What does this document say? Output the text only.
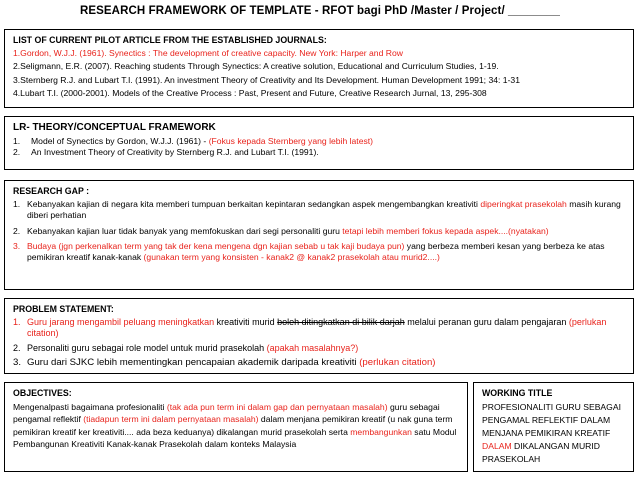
RESEARCH FRAMEWORK OF TEMPLATE - RFOT bagi PhD /Master / Project/ ________
LIST OF CURRENT PILOT ARTICLE FROM THE ESTABLISHED JOURNALS:

1.Gordon, W.J.J. (1961). Synectics : The development of creative capacity. New York: Harper and Row

2.Seligmann, E.R. (2007). Reaching students Through Synectics: A creative solution, Educational and Curriculum Studies, 1-19.

3.Sternberg R.J. and Lubart T.I. (1991). An investment Theory of Creativity and Its Development. Human Development 1991; 34: 1-31

4.Lubart T.I. (2000-2001). Models of the Creative Process : Past, Present and Future, Creative Research Jurnal, 13, 295-308

LR- THEORY/CONCEPTUAL FRAMEWORK
1. Model of Synectics by Gordon, W.J.J. (1961) - (Fokus kepada Sternberg yang lebih latest)
2. An Investment Theory of Creativity by Sternberg R.J. and Lubart T.I. (1991).
RESEARCH GAP :
1. Kebanyakan kajian di negara kita memberi tumpuan berkaitan kepintaran sedangkan aspek mengembangkan kreativiti diperingkat prasekolah masih kurang diberi perhatian
2. Kebanyakan kajian luar tidak banyak yang memfokuskan dari segi personaliti guru tetapi lebih memberi fokus kepada aspek....(nyatakan)
3. Budaya (jgn perkenalkan term yang tak der kena mengena dgn kajian sebab u tak kaji budaya pun) yang berbeza memberi kesan yang berbeza ke atas pemikiran kreatif kanak-kanak (gunakan term yang konsisten - kanak2 @ kanak2 prasekolah atau murid2....)
PROBLEM STATEMENT:
1. Guru jarang mengambil peluang meningkatkan kreativiti murid boleh ditingkatkan di bilik darjah melalui peranan guru dalam pengajaran (perlukan citation)
2. Personaliti guru sebagai role model untuk murid prasekolah (apakah masalahnya?)
3. Guru dari SJKC lebih mementingkan pencapaian akademik daripada kreativiti (perlukan citation)
OBJECTIVES:
Mengenalpasti bagaimana profesionaliti (tak ada pun term ini dalam gap dan pernyataan masalah) guru sebagai pengamal reflektif (tiadapun term ini dalam pernyataan masalah) dalam menjana pemikiran kreatif (u nak guna term pemikiran kreatif ker kreativiti.... ada beza keduanya) dikalangan murid prasekolah serta membangunkan satu Modul Pembangunan Kreativiti Kanak-kanak Prasekolah dalam konteks Malaysia
WORKING TITLE
PROFESIONALITI GURU SEBAGAI PENGAMAL REFLEKTIF DALAM MENJANA PEMIKIRAN KREATIF DALAM DIKALANGAN MURID PRASEKOLAH
